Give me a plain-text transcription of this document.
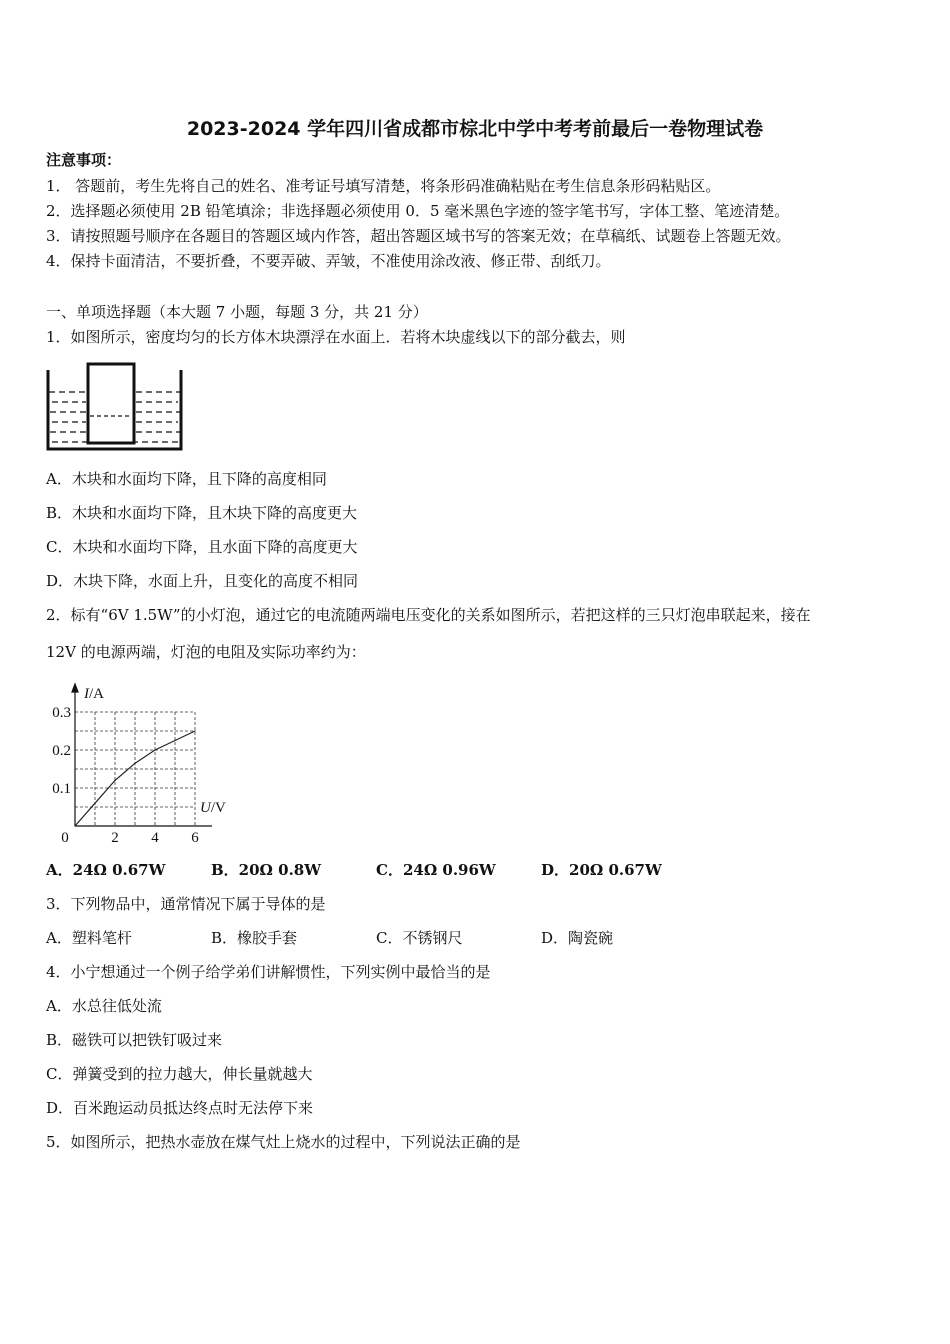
2023-2024 学年四川省成都市棕北中学中考考前最后一卷物理试卷
注意事项：
1． 答题前，考生先将自己的姓名、准考证号填写清楚，将条形码准确粘贴在考生信息条形码粘贴区。
2．选择题必须使用 2B 铅笔填涂；非选择题必须使用 0．5 毫米黑色字迹的签字笔书写，字体工整、笔迹清楚。
3．请按照题号顺序在各题目的答题区域内作答，超出答题区域书写的答案无效；在草稿纸、试题卷上答题无效。
4．保持卡面清洁，不要折叠，不要弄破、弄皱，不准使用涂改液、修正带、刮纸刀。
一、单项选择题（本大题 7 小题，每题 3 分，共 21 分）
1．如图所示，密度均匀的长方体木块漂浮在水面上．若将木块虚线以下的部分截去，则
A．木块和水面均下降，且下降的高度相同
B．木块和水面均下降，且木块下降的高度更大
C．木块和水面均下降，且水面下降的高度更大
D．木块下降，水面上升，且变化的高度不相同
2．标有“6V 1.5W”的小灯泡，通过它的电流随两端电压变化的关系如图所示，若把这样的三只灯泡串联起来，接在
12V 的电源两端，灯泡的电阻及实际功率约为：
0.1
0.2
0.3
0	2 4 6
I/A
U/V
A．24Ω 0.67W	B．20Ω 0.8W	C．24Ω 0.96W	D．20Ω 0.67W
3．下列物品中，通常情况下属于导体的是
A．塑料笔杆	B．橡胶手套	C．不锈钢尺	D．陶瓷碗
4．小宁想通过一个例子给学弟们讲解惯性，下列实例中最恰当的是
A．水总往低处流
B．磁铁可以把铁钉吸过来
C．弹簧受到的拉力越大，伸长量就越大
D．百米跑运动员抵达终点时无法停下来
5．如图所示，把热水壶放在煤气灶上烧水的过程中，下列说法正确的是
